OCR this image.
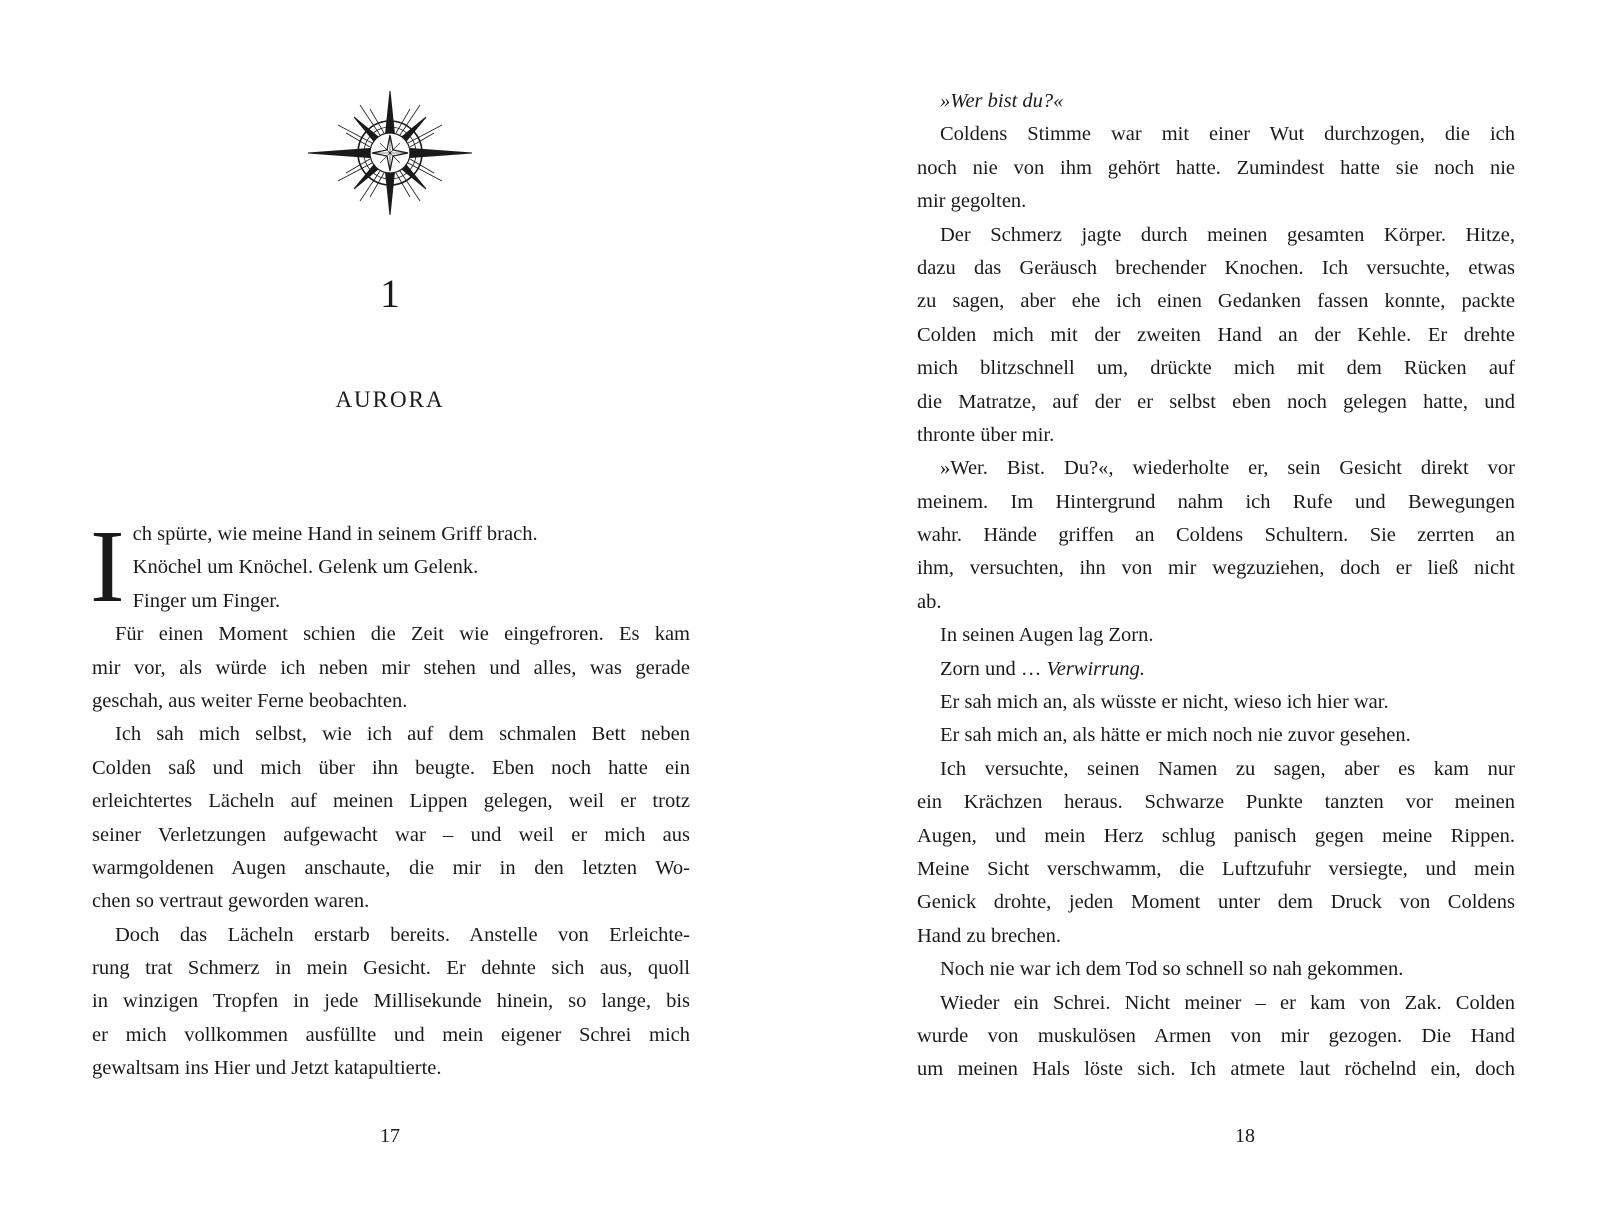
1
AURORA
I ch spürte, wie meine Hand in seinem Griff brach.
Knöchel um Knöchel. Gelenk um Gelenk.
Finger um Finger.
Für einen Moment schien die Zeit wie eingefroren. Es kam
mir vor, als würde ich neben mir stehen und alles, was gerade
geschah, aus weiter Ferne beobachten.
Ich sah mich selbst, wie ich auf dem schmalen Bett neben
Colden saß und mich über ihn beugte. Eben noch hatte ein
erleichtertes Lächeln auf meinen Lippen gelegen, weil er trotz
seiner Verletzungen aufgewacht war – und weil er mich aus
warmgoldenen Augen anschaute, die mir in den letzten Wo-
chen so vertraut geworden waren.
Doch das Lächeln erstarb bereits. Anstelle von Erleichte-
rung trat Schmerz in mein Gesicht. Er dehnte sich aus, quoll
in winzigen Tropfen in jede Millisekunde hinein, so lange, bis
er mich vollkommen ausfüllte und mein eigener Schrei mich
gewaltsam ins Hier und Jetzt katapultierte.
17
»Wer bist du?«
Coldens Stimme war mit einer Wut durchzogen, die ich
noch nie von ihm gehört hatte. Zumindest hatte sie noch nie
mir gegolten.
Der Schmerz jagte durch meinen gesamten Körper. Hitze,
dazu das Geräusch brechender Knochen. Ich versuchte, etwas
zu sagen, aber ehe ich einen Gedanken fassen konnte, packte
Colden mich mit der zweiten Hand an der Kehle. Er drehte
mich blitzschnell um, drückte mich mit dem Rücken auf
die Matratze, auf der er selbst eben noch gelegen hatte, und
thronte über mir.
»Wer. Bist. Du?«, wiederholte er, sein Gesicht direkt vor
meinem. Im Hintergrund nahm ich Rufe und Bewegungen
wahr. Hände griffen an Coldens Schultern. Sie zerrten an
ihm, versuchten, ihn von mir wegzuziehen, doch er ließ nicht
ab.
In seinen Augen lag Zorn.
Zorn und … Verwirrung.
Er sah mich an, als wüsste er nicht, wieso ich hier war.
Er sah mich an, als hätte er mich noch nie zuvor gesehen.
Ich versuchte, seinen Namen zu sagen, aber es kam nur
ein Krächzen heraus. Schwarze Punkte tanzten vor meinen
Augen, und mein Herz schlug panisch gegen meine Rippen.
Meine Sicht verschwamm, die Luftzufuhr versiegte, und mein
Genick drohte, jeden Moment unter dem Druck von Coldens
Hand zu brechen.
Noch nie war ich dem Tod so schnell so nah gekommen.
Wieder ein Schrei. Nicht meiner – er kam von Zak. Colden
wurde von muskulösen Armen von mir gezogen. Die Hand
um meinen Hals löste sich. Ich atmete laut röchelnd ein, doch
18
